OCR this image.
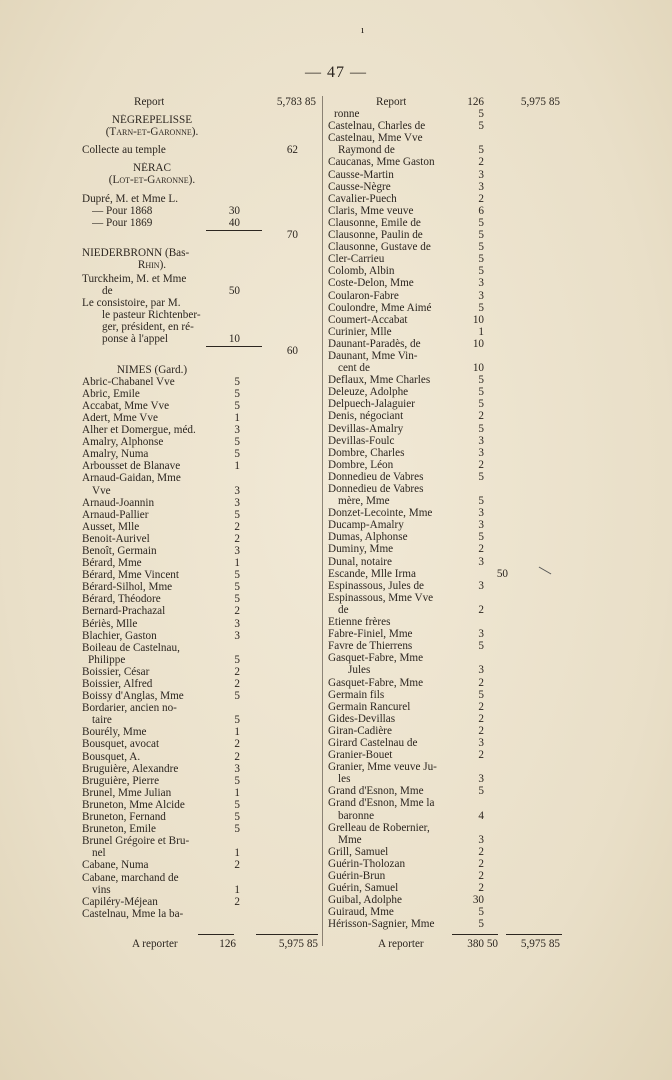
ı
— 47 —
Report	5,783 85
NÉGREPELISSE
(Tarn-et-Garonne).
Collecte au temple	62
NÉRAC
(Lot-et-Garonne).
Dupré, M. et Mme L.
— Pour 1868	30
— Pour 1869	40
70
NIEDERBRONN (Bas-
Rhin).
Turckheim, M. et Mme
de	50
Le consistoire, par M.
le pasteur Richtenber-
ger, président, en ré-
ponse à l'appel	10
60
NIMES (Gard.)
Abric-Chabanel Vve	5
Abric, Emile	5
Accabat, Mme Vve	5
Adert, Mme Vve	1
Alher et Domergue, méd.	3
Amalry, Alphonse	5
Amalry, Numa	5
Arbousset de Blanave	1
Arnaud-Gaidan, Mme
Vve	3
Arnaud-Joannin	3
Arnaud-Pallier	5
Ausset, Mlle	2
Benoit-Aurivel	2
Benoît, Germain	3
Bérard, Mme	1
Bérard, Mme Vincent	5
Bérard-Silhol, Mme	5
Bérard, Théodore	5
Bernard-Prachazal	2
Bériès, Mlle	3
Blachier, Gaston	3
Boileau de Castelnau,
Philippe	5
Boissier, César	2
Boissier, Alfred	2
Boissy d'Anglas, Mme	5
Bordarier, ancien no-
taire	5
Bourély, Mme	1
Bousquet, avocat	2
Bousquet, A.	2
Bruguière, Alexandre	3
Bruguière, Pierre	5
Brunel, Mme Julian	1
Bruneton, Mme Alcide	5
Bruneton, Fernand	5
Bruneton, Emile	5
Brunel Grégoire et Bru-
nel	1
Cabane, Numa	2
Cabane, marchand de
vins	1
Capiléry-Méjean	2
Castelnau, Mme la ba-
Report	126	5,975 85
ronne	5
Castelnau, Charles de	5
Castelnau, Mme Vve
Raymond de	5
Caucanas, Mme Gaston	2
Causse-Martin	3
Causse-Nègre	3
Cavalier-Puech	2
Claris, Mme veuve	6
Clausonne, Emile de	5
Clausonne, Paulin de	5
Clausonne, Gustave de	5
Cler-Carrieu	5
Colomb, Albin	5
Coste-Delon, Mme	3
Coularon-Fabre	3
Coulondre, Mme Aimé	5
Coumert-Accabat	10
Curinier, Mlle	1
Daunant-Paradès, de	10
Daunant, Mme Vin-
cent de	10
Deflaux, Mme Charles	5
Deleuze, Adolphe	5
Delpuech-Jalaguier	5
Denis, négociant	2
Devillas-Amalry	5
Devillas-Foulc	3
Dombre, Charles	3
Dombre, Léon	2
Donnedieu de Vabres	5
Donnedieu de Vabres
mère, Mme	5
Donzet-Lecointe, Mme	3
Ducamp-Amalry	3
Dumas, Alphonse	5
Duminy, Mme	2
Dunal, notaire	3
Escande, Mlle Irma	50
Espinassous, Jules de	3
Espinassous, Mme Vve
de	2
Etienne frères
Fabre-Finiel, Mme	3
Favre de Thierrens	5
Gasquet-Fabre, Mme
Jules	3
Gasquet-Fabre, Mme	2
Germain fils	5
Germain Rancurel	2
Gides-Devillas	2
Giran-Cadière	2
Girard Castelnau de	3
Granier-Bouet	2
Granier, Mme veuve Ju-
les	3
Grand d'Esnon, Mme	5
Grand d'Esnon, Mme la
baronne	4
Grelleau de Robernier,
Mme	3
Grill, Samuel	2
Guérin-Tholozan	2
Guérin-Brun	2
Guérin, Samuel	2
Guibal, Adolphe	30
Guiraud, Mme	5
Hérisson-Sagnier, Mme	5
A reporter	126	5,975 85	A reporter	380 50	5,975 85
